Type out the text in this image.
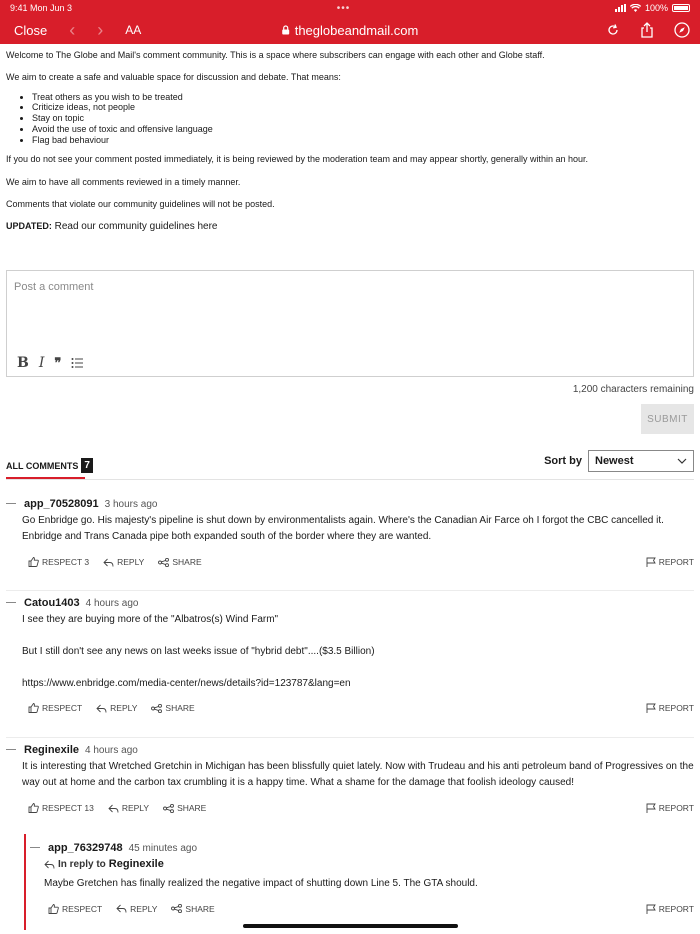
9:41 Mon Jun 3	•••	100%
Close ‹ › AA	theglobeandmail.com

Welcome to The Globe and Mail's comment community. This is a space where subscribers can engage with each other and Globe staff.

We aim to create a safe and valuable space for discussion and debate. That means:

• Treat others as you wish to be treated
• Criticize ideas, not people
• Stay on topic
• Avoid the use of toxic and offensive language
• Flag bad behaviour

If you do not see your comment posted immediately, it is being reviewed by the moderation team and may appear shortly, generally within an hour.

We aim to have all comments reviewed in a timely manner.

Comments that violate our community guidelines will not be posted.

UPDATED: Read our community guidelines here
Post a comment
B I ❞
1,200 characters remaining
SUBMIT
ALL COMMENTS 7	Sort by Newest
app_70528091 3 hours ago
Go Enbridge go. His majesty's pipeline is shut down by environmentalists again. Where's the Canadian Air Farce oh I forgot the CBC cancelled it.
Enbridge and Trans Canada pipe both expanded south of the border where they are wanted.
RESPECT 3	REPLY	SHARE	REPORT
Catou1403 4 hours ago
I see they are buying more of the "Albatros(s) Wind Farm"
But I still don't see any news on last weeks issue of "hybrid debt"....($3.5 Billion)
https://www.enbridge.com/media-center/news/details?id=123787&lang=en
RESPECT	REPLY	SHARE	REPORT
Reginexile 4 hours ago
It is interesting that Wretched Gretchin in Michigan has been blissfully quiet lately. Now with Trudeau and his anti petroleum band of Progressives on the
way out at home and the carbon tax crumbling it is a happy time. What a shame for the damage that foolish ideology caused!
RESPECT 13	REPLY	SHARE	REPORT
app_76329748 45 minutes ago
In reply to Reginexile
Maybe Gretchen has finally realized the negative impact of shutting down Line 5. The GTA should.
RESPECT	REPLY	SHARE	REPORT
